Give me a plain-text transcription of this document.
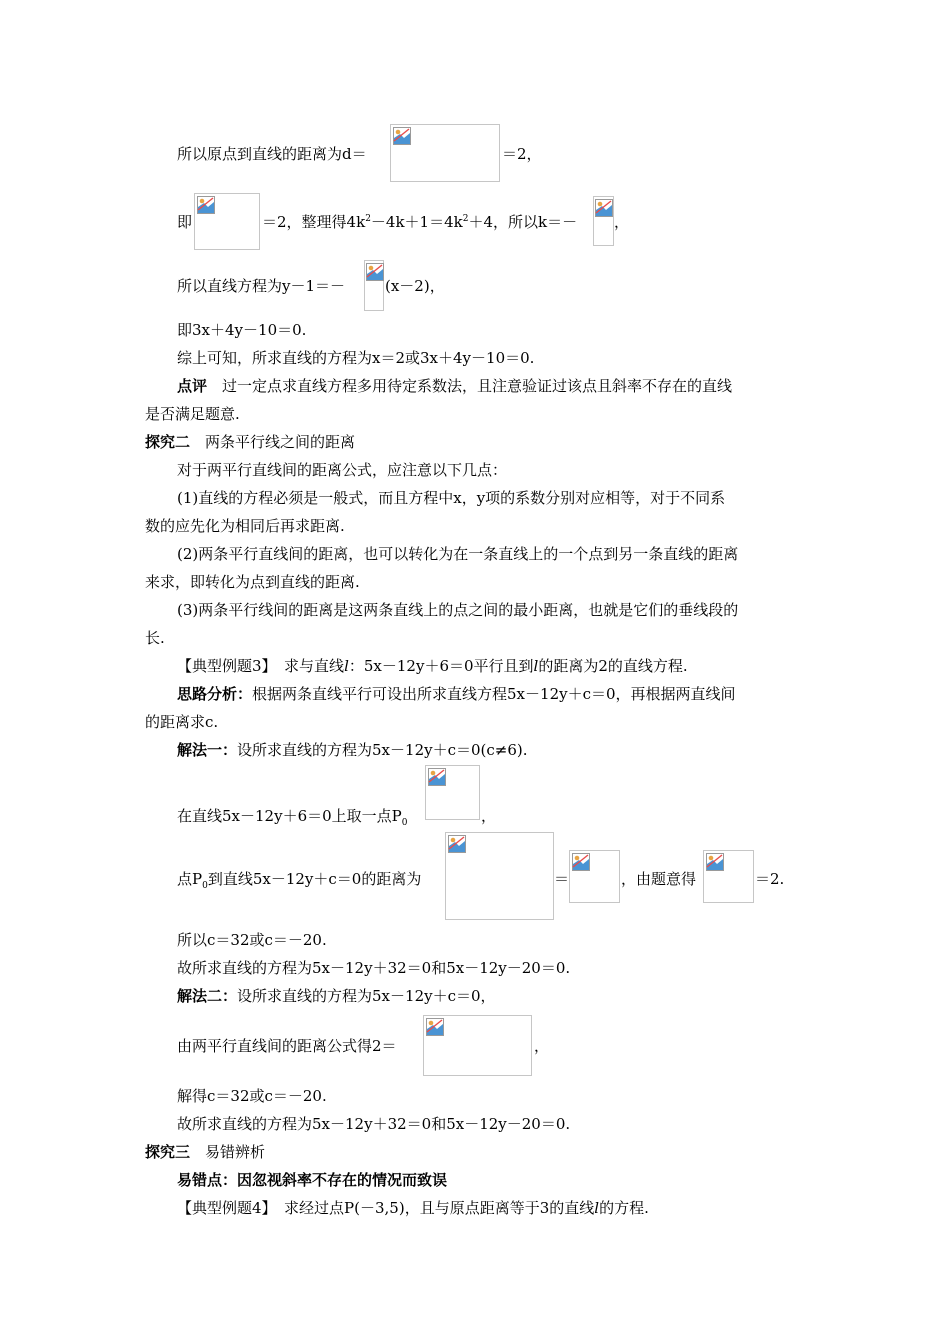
所以原点到直线的距离为d＝	＝2，
即	＝2，整理得$4k^2-4k+1=4k^2+4$，所以k＝－ ，
所以直线方程为y－1＝－	(x－2)，
即3x＋4y－10＝0.
综上可知，所求直线的方程为x＝2或3x＋4y－10＝0.
点评　过一定点求直线方程多用待定系数法，且注意验证过该点且斜率不存在的直线
是否满足题意.
探究二　两条平行线之间的距离
对于两平行直线间的距离公式，应注意以下几点：
(1)直线的方程必须是一般式，而且方程中x，y项的系数分别对应相等，对于不同系
数的应先化为相同后再求距离.
(2)两条平行直线间的距离，也可以转化为在一条直线上的一个点到另一条直线的距离
来求，即转化为点到直线的距离.
(3)两条平行线间的距离是这两条直线上的点之间的最小距离，也就是它们的垂线段的
长.
【典型例题3】　求与直线l：5x－12y＋6＝0平行且到l的距离为2的直线方程.
思路分析：根据两条直线平行可设出所求直线方程5x－12y＋c＝0，再根据两直线间
的距离求c.
解法一：设所求直线的方程为5x－12y＋c＝0(c≠6).
在直线5x－12y＋6＝0上取一点$P_0$	，
点$P_0$到直线5x－12y＋c＝0的距离为	＝	，由题意得	＝2.
所以c＝32或c＝－20.
故所求直线的方程为5x－12y＋32＝0和5x－12y－20＝0.
解法二：设所求直线的方程为5x－12y＋c＝0，
由两平行直线间的距离公式得2＝	，
解得c＝32或c＝－20.
故所求直线的方程为5x－12y＋32＝0和5x－12y－20＝0.
探究三　易错辨析
易错点：因忽视斜率不存在的情况而致误
【典型例题4】　求经过点P(－3,5)，且与原点距离等于3的直线l的方程.
